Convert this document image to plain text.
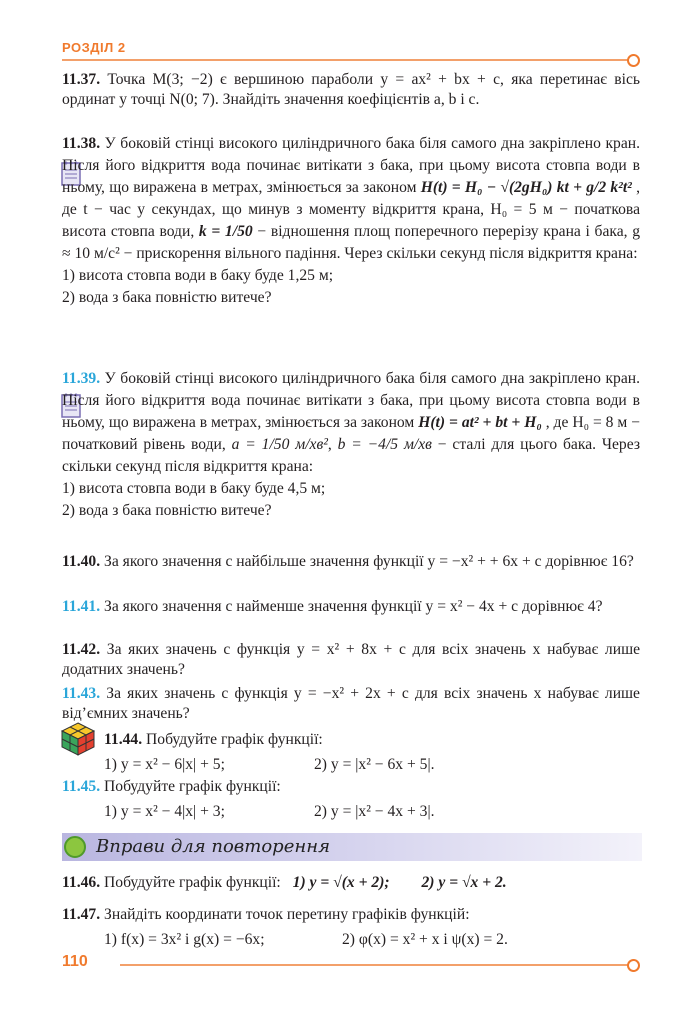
РОЗДІЛ 2
11.37. Точка M(3; −2) є вершиною параболи y = ax² + bx + c, яка перетинає вісь ординат у точці N(0; 7). Знайдіть значення коефіцієнтів a, b і c.
11.38. У боковій стінці високого циліндричного бака біля самого дна закріплено кран. Після його відкриття вода починає витікати з бака, при цьому висота стовпа води в ньому, що виражена в метрах, змінюється за законом H(t) = H₀ − √(2gH₀) kt + g/2 k²t² , де t − час у секундах, що минув з моменту відкриття крана, H₀ = 5 м − початкова висота стовпа води, k = 1/50 − відношення площ поперечного перерізу крана і бака, g ≈ 10 м/с² − прискорення вільного падіння. Через скільки секунд після відкриття крана:
1) висота стовпа води в баку буде 1,25 м;
2) вода з бака повністю витече?
11.39. У боковій стінці високого циліндричного бака біля самого дна закріплено кран. Після його відкриття вода починає витікати з бака, при цьому висота стовпа води в ньому, що виражена в метрах, змінюється за законом H(t) = at² + bt + H₀ , де H₀ = 8 м − початковий рівень води, a = 1/50 м/хв², b = −4/5 м/хв − сталі для цього бака. Через скільки секунд після відкриття крана:
1) висота стовпа води в баку буде 4,5 м;
2) вода з бака повністю витече?
11.40. За якого значення c найбільше значення функції y = −x² + + 6x + c дорівнює 16?
11.41. За якого значення c найменше значення функції y = x² − 4x + c дорівнює 4?
11.42. За яких значень c функція y = x² + 8x + c для всіх значень x набуває лише додатних значень?
11.43. За яких значень c функція y = −x² + 2x + c для всіх значень x набуває лише від’ємних значень?
11.44. Побудуйте графік функції:
1) y = x² − 6|x| + 5;	2) y = |x² − 6x + 5|.
11.45. Побудуйте графік функції:
1) y = x² − 4|x| + 3;	2) y = |x² − 4x + 3|.
Вправи для повторення
11.46. Побудуйте графік функції: 1) y = √(x + 2); 2) y = √x + 2.
11.47. Знайдіть координати точок перетину графіків функцій:
1) f(x) = 3x² і g(x) = −6x;	2) φ(x) = x² + x і ψ(x) = 2.
110
